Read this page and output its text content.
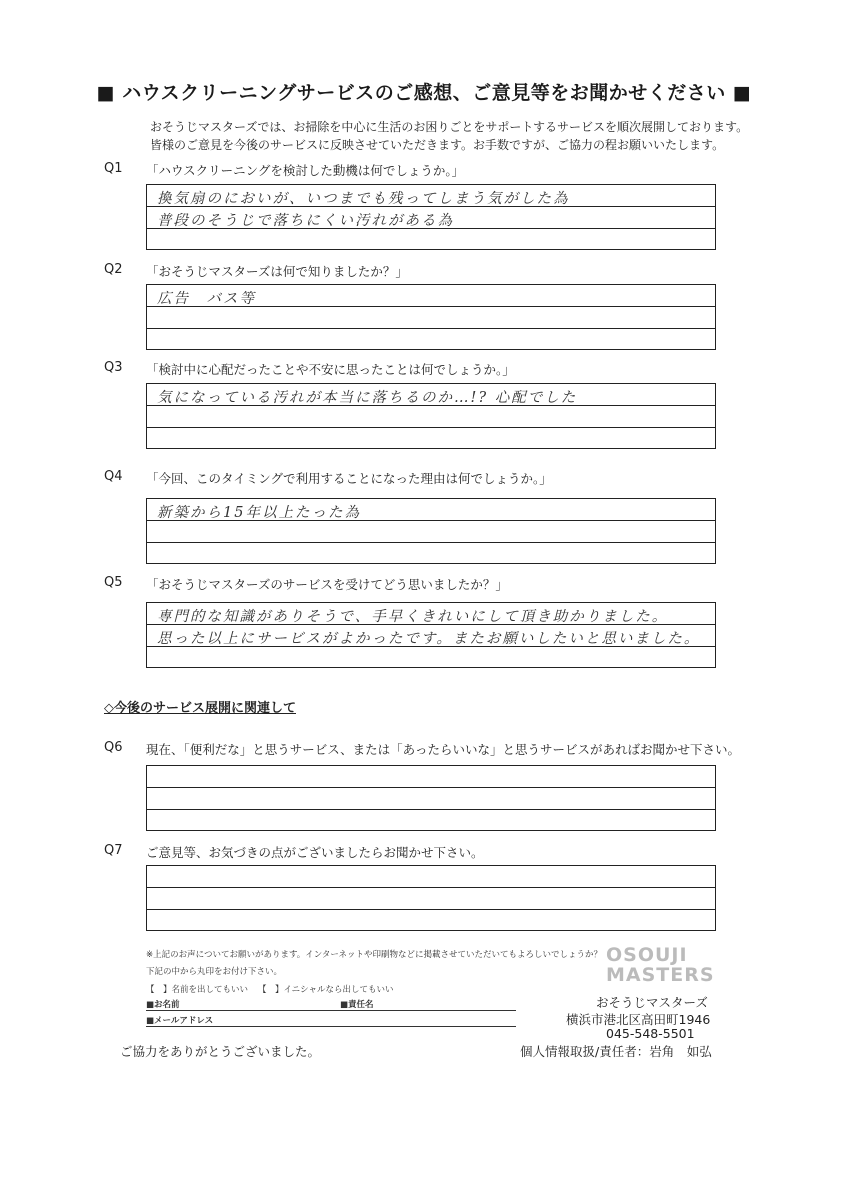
■ ハウスクリーニングサービスのご感想、ご意見等をお聞かせください ■
おそうじマスターズでは、お掃除を中心に生活のお困りごとをサポートするサービスを順次展開しております。
皆様のご意見を今後のサービスに反映させていただきます。お手数ですが、ご協力の程お願いいたします。
Q1 「ハウスクリーニングを検討した動機は何でしょうか。」
換気扇のにおいが、いつまでも残ってしまう気がした為
普段のそうじで落ちにくい汚れがある為
Q2 「おそうじマスターズは何で知りましたか？」
広告　バス等
Q3 「検討中に心配だったことや不安に思ったことは何でしょうか。」
気になっている汚れが本当に落ちるのか…!? 心配でした
Q4 「今回、このタイミングで利用することになった理由は何でしょうか。」
新築から15年以上たった為
Q5 「おそうじマスターズのサービスを受けてどう思いましたか？」
専門的な知識がありそうで、手早くきれいにして頂き助かりました。
思った以上にサービスがよかったです。またお願いしたいと思いました。
◇今後のサービス展開に関連して
Q6 現在、「便利だな」と思うサービス、または「あったらいいな」と思うサービスがあればお聞かせ下さい。
Q7 ご意見等、お気づきの点がございましたらお聞かせ下さい。
※上記のお声についてお願いがあります。インターネットや印刷物などに掲載させていただいてもよろしいでしょうか？
下記の中から丸印をお付け下さい。
【　】名前を出してもいい 【　】イニシャルなら出してもいい
■お名前	■責任名
■メールアドレス
ご協力をありがとうございました。
OSOUJI
MASTERS
おそうじマスターズ
横浜市港北区高田町1946
045-548-5501
個人情報取扱/責任者：岩角　如弘
